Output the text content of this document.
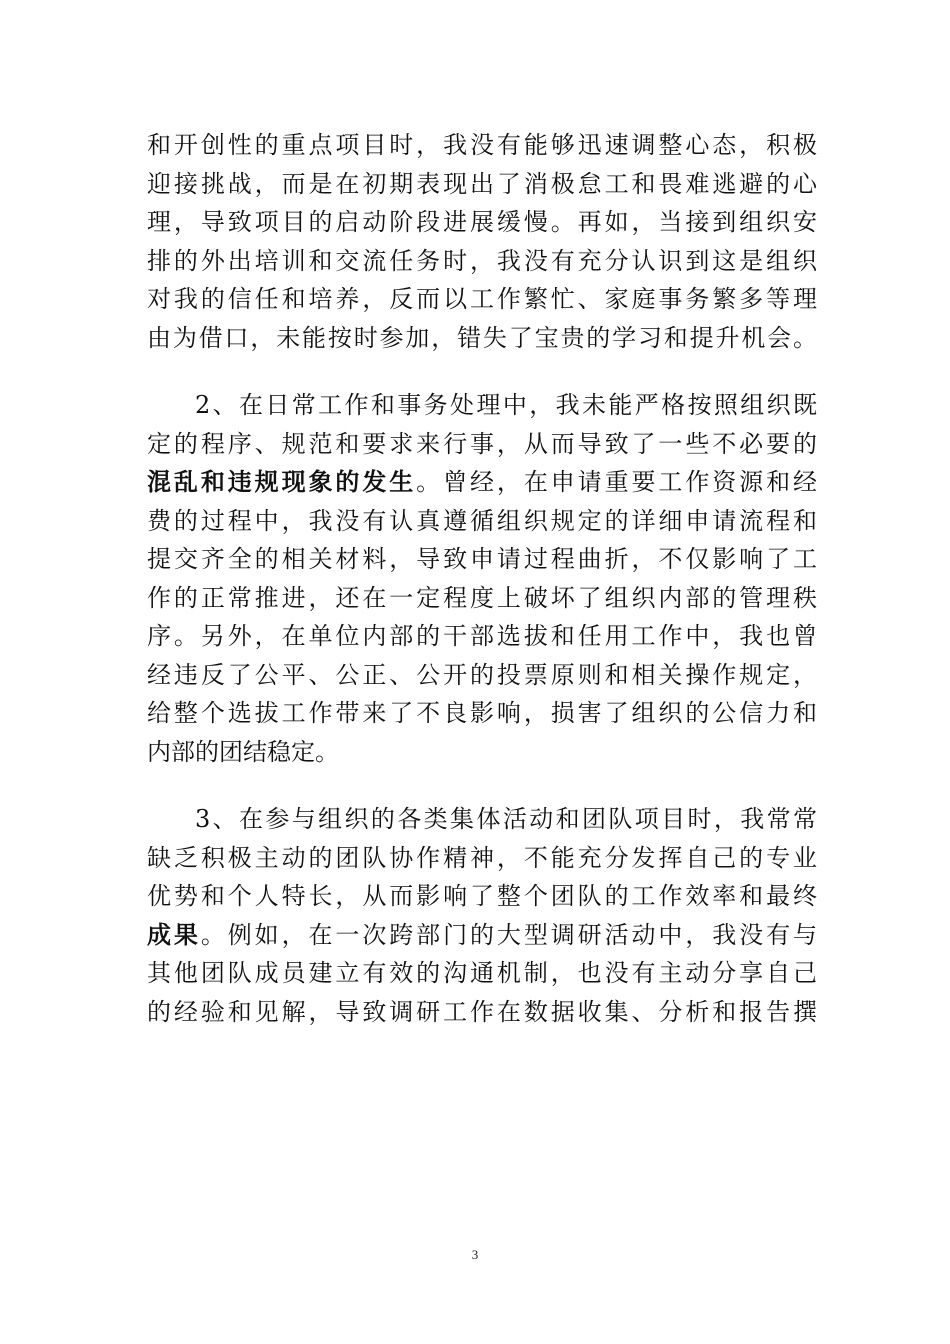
和开创性的重点项目时，我没有能够迅速调整心态，积极
迎接挑战，而是在初期表现出了消极怠工和畏难逃避的心
理，导致项目的启动阶段进展缓慢。再如，当接到组织安
排的外出培训和交流任务时，我没有充分认识到这是组织
对我的信任和培养，反而以工作繁忙、家庭事务繁多等理
由为借口，未能按时参加，错失了宝贵的学习和提升机会。
2、在日常工作和事务处理中，我未能严格按照组织既
定的程序、规范和要求来行事，从而导致了一些不必要的
混乱和违规现象的发生。曾经，在申请重要工作资源和经
费的过程中，我没有认真遵循组织规定的详细申请流程和
提交齐全的相关材料，导致申请过程曲折，不仅影响了工
作的正常推进，还在一定程度上破坏了组织内部的管理秩
序。另外，在单位内部的干部选拔和任用工作中，我也曾
经违反了公平、公正、公开的投票原则和相关操作规定，
给整个选拔工作带来了不良影响，损害了组织的公信力和
内部的团结稳定。
3、在参与组织的各类集体活动和团队项目时，我常常
缺乏积极主动的团队协作精神，不能充分发挥自己的专业
优势和个人特长，从而影响了整个团队的工作效率和最终
成果。例如，在一次跨部门的大型调研活动中，我没有与
其他团队成员建立有效的沟通机制，也没有主动分享自己
的经验和见解，导致调研工作在数据收集、分析和报告撰
3
